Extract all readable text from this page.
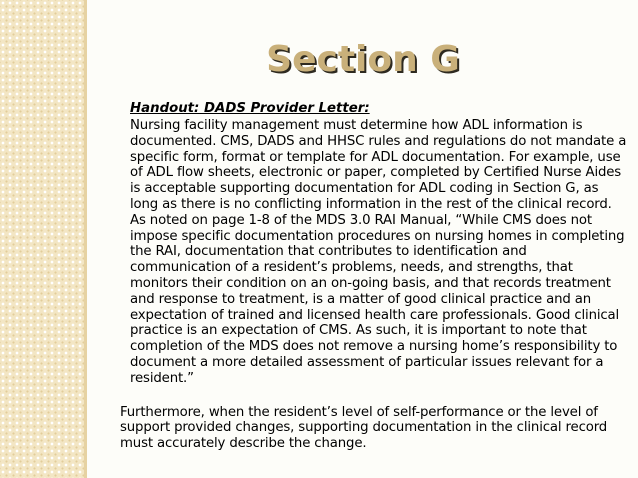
Section G

Handout: DADS Provider Letter:

Nursing facility management must determine how ADL information is documented. CMS, DADS and HHSC rules and regulations do not mandate a specific form, format or template for ADL documentation. For example, use of ADL flow sheets, electronic or paper, completed by Certified Nurse Aides is acceptable supporting documentation for ADL coding in Section G, as long as there is no conflicting information in the rest of the clinical record. As noted on page 1-8 of the MDS 3.0 RAI Manual, “While CMS does not impose specific documentation procedures on nursing homes in completing the RAI, documentation that contributes to identification and communication of a resident’s problems, needs, and strengths, that monitors their condition on an on-going basis, and that records treatment and response to treatment, is a matter of good clinical practice and an expectation of trained and licensed health care professionals. Good clinical practice is an expectation of CMS. As such, it is important to note that completion of the MDS does not remove a nursing home’s responsibility to document a more detailed assessment of particular issues relevant for a resident.”

Furthermore, when the resident’s level of self-performance or the level of support provided changes, supporting documentation in the clinical record must accurately describe the change.
